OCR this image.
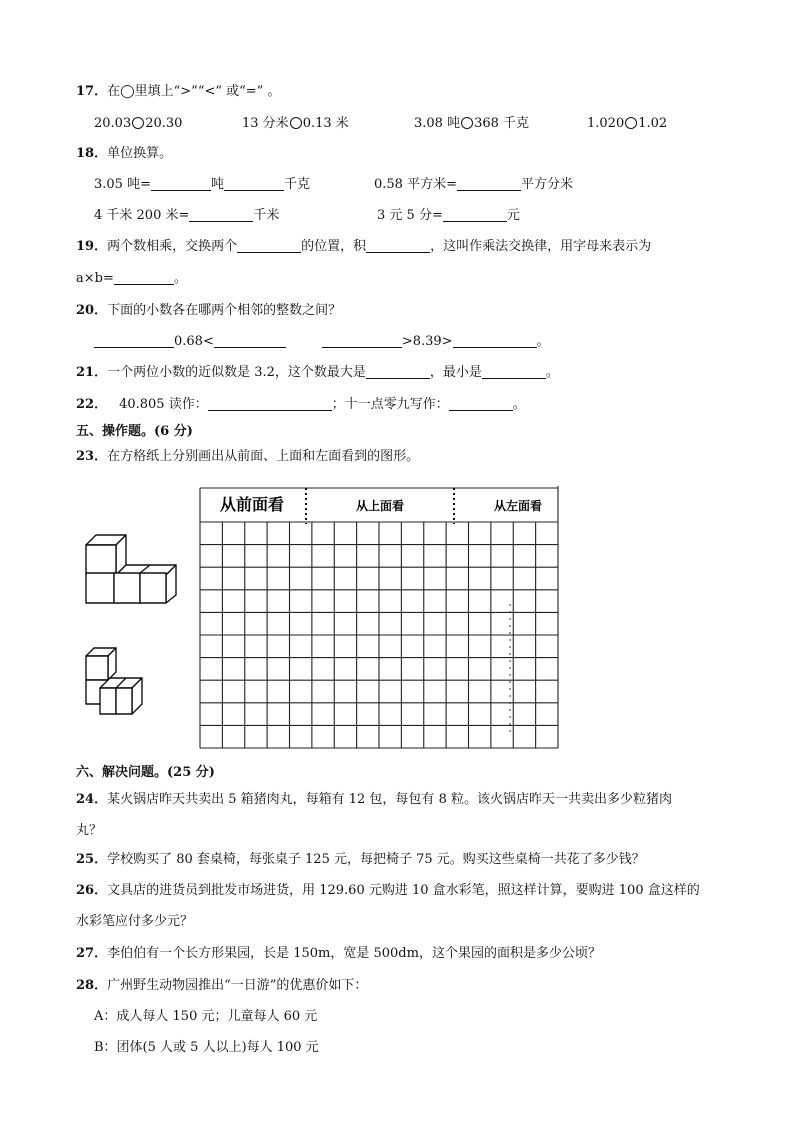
17．在◯里填上“>”“<” 或“=” 。
20.03 20.30	13 分米 0.13 米	3.08 吨 368 千克	1.020 1.02
18．单位换算。
3.05 吨=	吨	千克	0.58 平方米=	平方分米
4 千米 200 米=	千米	3 元 5 分=	元
19．两个数相乘，交换两个	的位置，积	，这叫作乘法交换律，用字母来表示为
a×b=	。
20．下面的小数各在哪两个相邻的整数之间？
0.68<	>8.39>	。
21．一个两位小数的近似数是 3.2，这个数最大是	，最小是	。
22． 40.805 读作：	；十一点零九写作：	。
五、操作题。(6 分)
23．在方格纸上分别画出从前面、上面和左面看到的图形。
从前面看	从上面看	从左面看
六、解决问题。(25 分)
24．某火锅店昨天共卖出 5 箱猪肉丸，每箱有 12 包，每包有 8 粒。该火锅店昨天一共卖出多少粒猪肉
丸？
25．学校购买了 80 套桌椅，每张桌子 125 元，每把椅子 75 元。购买这些桌椅一共花了多少钱？
26．文具店的进货员到批发市场进货，用 129.60 元购进 10 盒水彩笔，照这样计算，要购进 100 盒这样的
水彩笔应付多少元？
27．李伯伯有一个长方形果园，长是 150m，宽是 500dm，这个果园的面积是多少公顷？
28．广州野生动物园推出“一日游”的优惠价如下：
A：成人每人 150 元；儿童每人 60 元
B：团体(5 人或 5 人以上)每人 100 元
